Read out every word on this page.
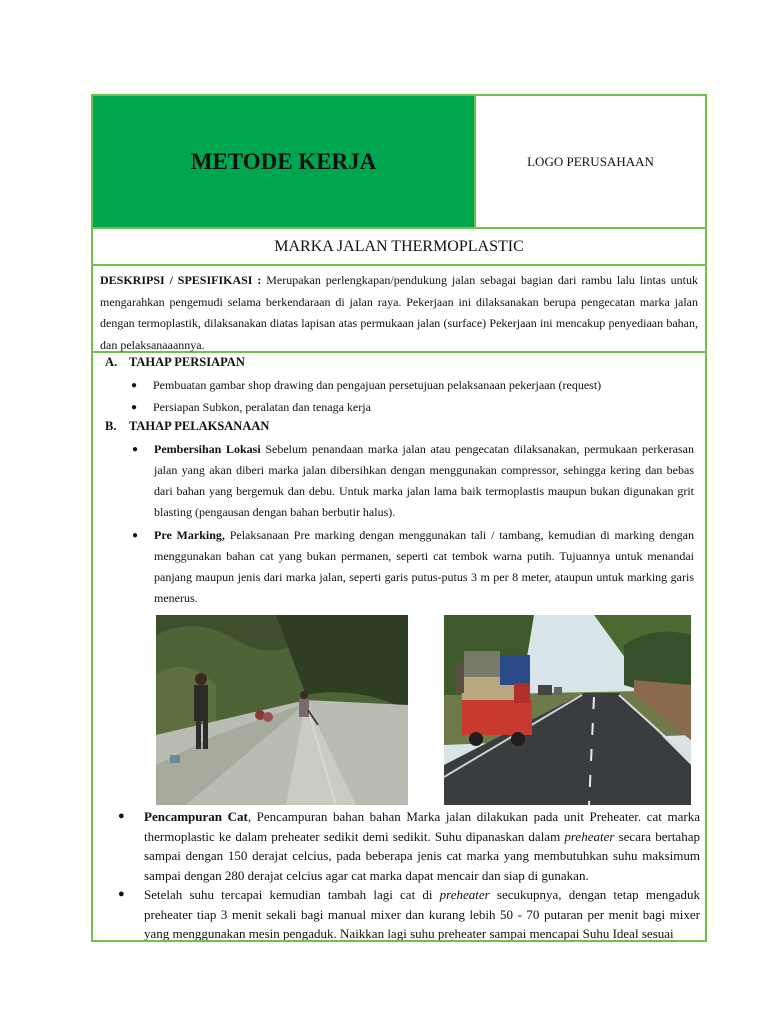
METODE KERJA	LOGO PERUSAHAAN
MARKA JALAN THERMOPLASTIC
DESKRIPSI / SPESIFIKASI : Merupakan perlengkapan/pendukung jalan sebagai bagian dari rambu lalu lintas untuk mengarahkan pengemudi selama berkendaraan di jalan raya. Pekerjaan ini dilaksanakan berupa pengecatan marka jalan dengan termoplastik, dilaksanakan diatas lapisan atas permukaan jalan (surface) Pekerjaan ini mencakup penyediaan bahan, dan pelaksanaaannya.
A. TAHAP PERSIAPAN
● Pembuatan gambar shop drawing dan pengajuan persetujuan pelaksanaan pekerjaan (request)
● Persiapan Subkon, peralatan dan tenaga kerja
B. TAHAP PELAKSANAAN
● Pembersihan Lokasi Sebelum penandaan marka jalan atau pengecatan dilaksanakan, permukaan perkerasan jalan yang akan diberi marka jalan dibersihkan dengan menggunakan compressor, sehingga kering dan bebas dari bahan yang bergemuk dan debu. Untuk marka jalan lama baik termoplastis maupun bukan digunakan grit blasting (pengausan dengan bahan berbutir halus).
● Pre Marking, Pelaksanaan Pre marking dengan menggunakan tali / tambang, kemudian di marking dengan menggunakan bahan cat yang bukan permanen, seperti cat tembok warna putih. Tujuannya untuk menandai panjang maupun jenis dari marka jalan, seperti garis putus-putus 3 m per 8 meter, ataupun untuk marking garis menerus.
● Pencampuran Cat, Pencampuran bahan bahan Marka jalan dilakukan pada unit Preheater. cat marka thermoplastic ke dalam preheater sedikit demi sedikit. Suhu dipanaskan dalam preheater secara bertahap sampai dengan 150 derajat celcius, pada beberapa jenis cat marka yang membutuhkan suhu maksimum sampai dengan 280 derajat celcius agar cat marka dapat mencair dan siap di gunakan.
● Setelah suhu tercapai kemudian tambah lagi cat di preheater secukupnya, dengan tetap mengaduk preheater tiap 3 menit sekali bagi manual mixer dan kurang lebih 50 - 70 putaran per menit bagi mixer yang menggunakan mesin pengaduk. Naikkan lagi suhu preheater sampai mencapai Suhu Ideal sesuai
